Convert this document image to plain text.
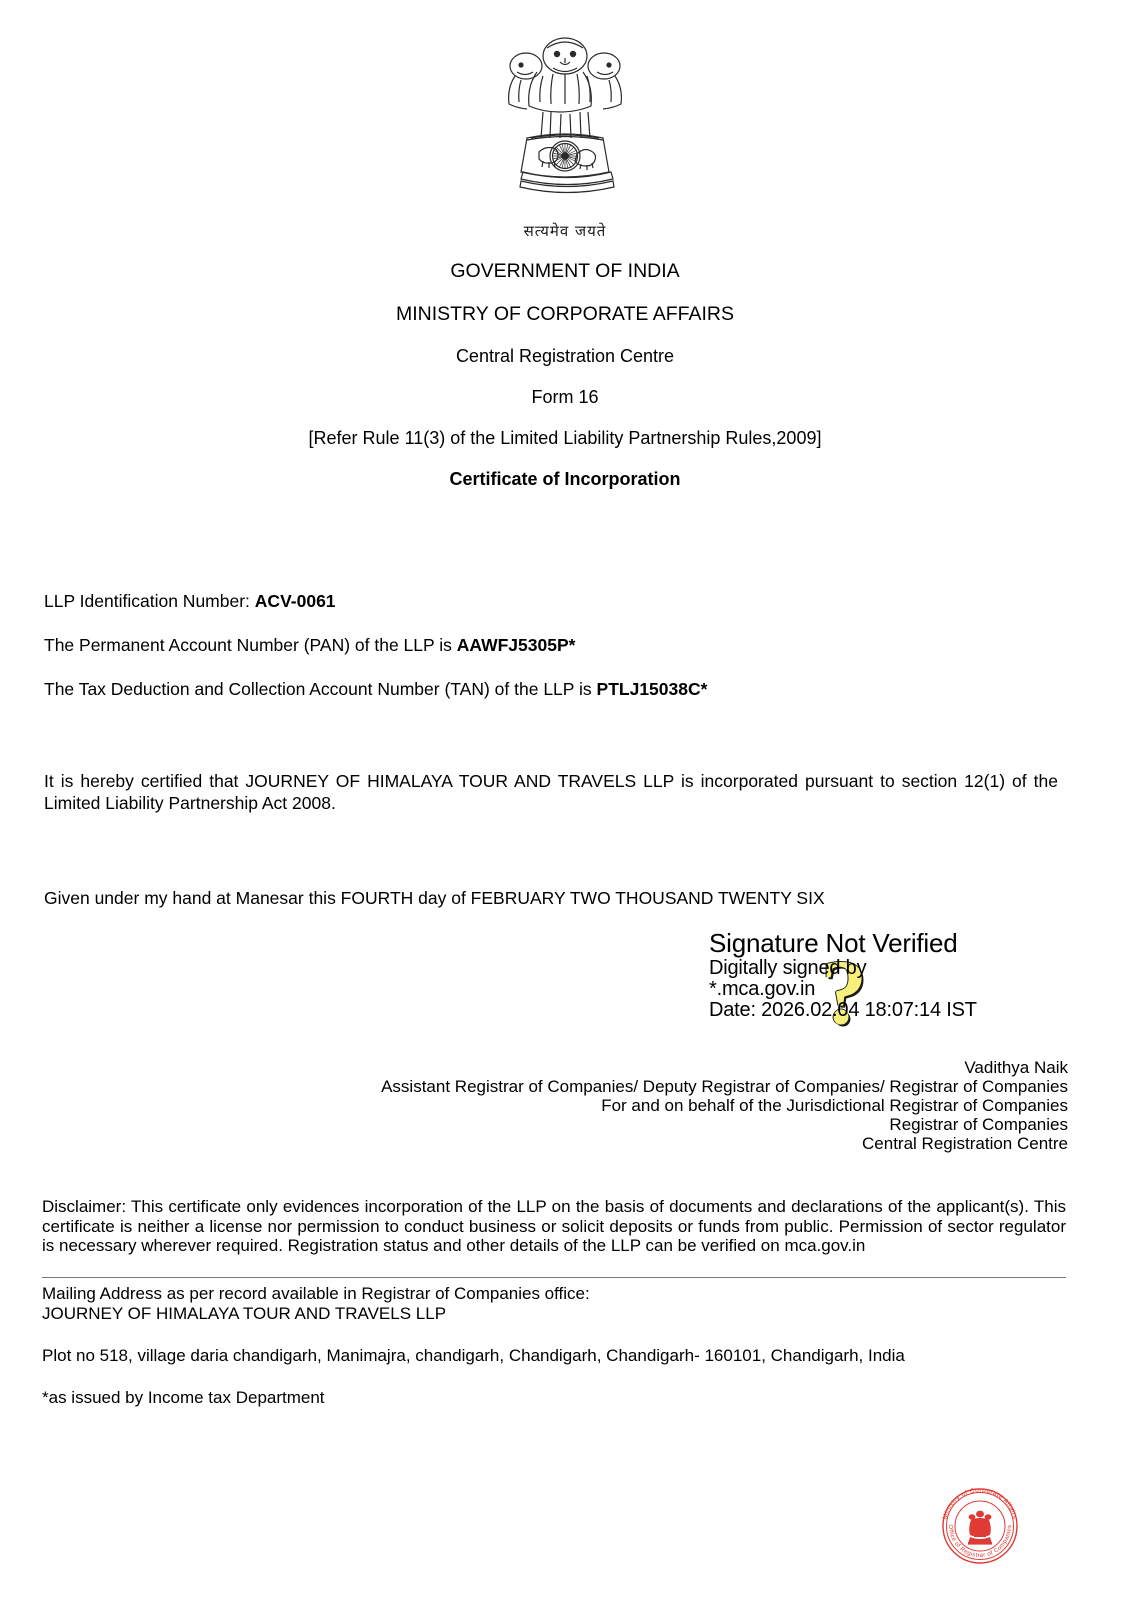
सत्यमेव जयते
GOVERNMENT OF INDIA
MINISTRY OF CORPORATE AFFAIRS
Central Registration Centre
Form 16
[Refer Rule 11(3) of the Limited Liability Partnership Rules,2009]
Certificate of Incorporation
LLP Identification Number: ACV-0061
The Permanent Account Number (PAN) of the LLP is AAWFJ5305P*
The Tax Deduction and Collection Account Number (TAN) of the LLP is PTLJ15038C*
It is hereby certified that JOURNEY OF HIMALAYA TOUR AND TRAVELS LLP is incorporated pursuant to section 12(1) of the Limited Liability Partnership Act 2008.
Given under my hand at Manesar this FOURTH day of FEBRUARY TWO THOUSAND TWENTY SIX
?
Signature Not Verified
Digitally signed by
*.mca.gov.in
Date: 2026.02.04 18:07:14 IST
Vadithya Naik
Assistant Registrar of Companies/ Deputy Registrar of Companies/ Registrar of Companies
For and on behalf of the Jurisdictional Registrar of Companies
Registrar of Companies
Central Registration Centre
Disclaimer: This certificate only evidences incorporation of the LLP on the basis of documents and declarations of the applicant(s). This certificate is neither a license nor permission to conduct business or solicit deposits or funds from public. Permission of sector regulator is necessary wherever required. Registration status and other details of the LLP can be verified on mca.gov.in
Mailing Address as per record available in Registrar of Companies office:
JOURNEY OF HIMALAYA TOUR AND TRAVELS LLP
Plot no 518, village daria chandigarh, Manimajra, chandigarh, Chandigarh, Chandigarh- 160101, Chandigarh, India
*as issued by Income tax Department
Ministry of Corporate Affairs
Office of Registrar of Companies
